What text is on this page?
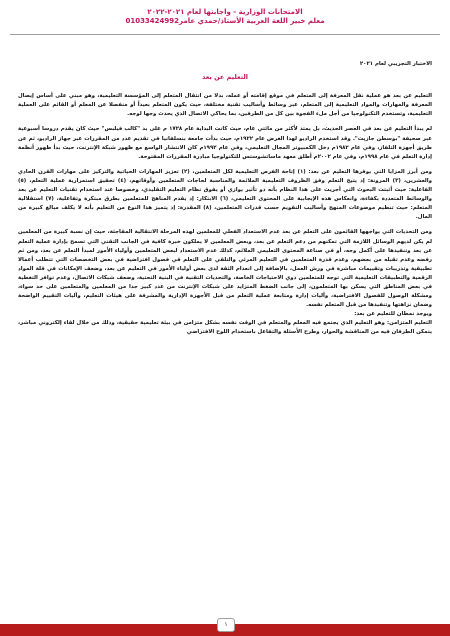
الامتحانات الوزارية - واجابتها لعام ٢٠٢١-٢٠٢٢
معلم خبير اللغة العربية الأستاذ/حمدي عامر01033424992
الاختبار التجريبي لعام ٢٠٢١
التعليم عن بعد

التعليم عن بعد هو عملية نقل المعرفة إلى المتعلم في موقع إقامته أو عمله، بدلا من انتقال المتعلم إلى المؤسسة التعليمية، وهو مبني على أساس إيصال المعرفة والمهارات والمواد التعليمية إلى المتعلم، عبر وسائط وأساليب تقنية مختلفة، حيث يكون المتعلم بعيداً أو منفصلا عن المعلم أو القائم على العملية التعليمية، وتستخدم التكنولوجيا من أجل ملء الفجوة بين كل من الطرفين، بما يحاكي الاتصال الذي يحدث وجها لوجه.

لم يبدأ التعليم عن بعد في العصر الحديث، بل يمتد لأكثر من مائتي عام، حيث كانت البداية عام ١٧٢٨ م على يد "كالب فيلبس" حيث كان يقدم دروسا أسبوعية عبر صحيفة "بوسطن جازيت". وقد استخدم الراديو لهذا الغرض عام ١٩٢٢م، حيث بدأت جامعة بنسلفانيا في تقديم عدد من المقررات عبر جهاز الراديو، ثم عن طريق أجهزة التلفاز، وفي عام ١٩٨٢م دخل الكمبيوتر المجال التعليمي، وفي عام ١٩٩٢م كان الانتشار الواسع مع ظهور شبكة الإنترنت، حيث بدأ ظهور أنظمة إدارة التعلم في عام ١٩٩٨م، وفي عام ٢٠٠٢م أطلق معهد ماساتشوستس للتكنولوجيا مبادرة المقررات المفتوحة.

ومن أبرز المزايا التي يوفرها التعليم عن بعد: (١) إتاحة الفرص التعليمية لكل المتعلمين، (٢) تعزيز المهارات الحياتية والتركيز على مهارات القرن الحادي والعشرين، (٣) المرونة: إذ يتيح التعلم وفق الظروف التعليمية الملائمة والمناسبة لحاجات المتعلمين وأوقاتهم، (٤) تحقيق استمرارية عملية التعلم، (٥) الفاعلية: حيث أثبتت البحوث التي أجريت على هذا النظام بأنه ذو تأثير يوازي أو يفوق نظام التعليم التقليدي، وخصوصا عند استخدام تقنيات التعليم عن بعد والوسائط المتعددة بكفاءة، وانعكاس هذه الإيجابية على المحتوى التعليمي، (٦) الابتكار: إذ يقدم المناهج للمتعلمين بطرق مبتكرة وتفاعلية، (٧) استقلالية المتعلم: حيث تنظيم موضوعات المنهج وأساليب التقويم حسب قدرات المتعلمين، (٨) المقدرة: إذ يتميز هذا النوع من التعليم بأنه لا يكلف مبالغ كبيرة من المال.

ومن التحديات التي يواجهها القائمون على التعلم عن بعد عدم الاستعداد الفعلي للمعلمين لهذه المرحلة الانتقالية المفاجئة، حيث إن نسبة كبيرة من المعلمين لم يكن لديهم الوسائل اللازمة التي تمكنهم من دعم التعلم عن بعد، وبعض المعلمين لا يملكون خبرة كافية في الجانب التقني التي تسمح بإدارة عملية التعلم عن بعد وتنفيذها على أكمل وجه، أو في صناعة المحتوى التعليمي الملائم، كذلك عدم الاستعداد لبعض المتعلمين وأولياء الأمور لمبدأ التعلم عن بعد، ومن ثم رفضه وعدم تقبله من بعضهم، وعدم قدرة المتعلمين في التعليم المرئي والتلقي على التعلم في فصول افتراضية في بعض التخصصات التي تتطلب أعمالا تطبيقية وتدريبات وتقييمات مباشرة في ورش العمل، بالإضافة إلى انعدام الثقة لدى بعض أولياء الأمور في التعليم عن بعد، وضعف الإمكانات في قلة المواد الرقمية والتطبيقات التعليمية التي توجه للمتعلمين ذوي الاحتياجات الخاصة، والتحديات التقنية في البنية التحتية، وضعف شبكات الاتصال، وعدم توافر التغطية في بعض المناطق التي يسكن بها المتعلمون، إلى جانب الضغط المتزايد على شبكات الإنترنت من عدد كبير جدا من المعلمين والمتعلمين على حد سواء، ومشكلة الوصول للفصول الافتراضية، وآليات إدارة ومتابعة عملية التعلم من قبل الأجهزة الإدارية والمشرفة على هيئات التعليم، وآليات التقييم الواضحة وضمان نزاهتها وتنفيذها من قبل المتعلم نفسه.

ويوجد نمطان للتعليم عن بعد:

التعليم المتزامن: وهو التعليم الذي يجتمع فيه المعلم والمتعلم في الوقت نفسه بشكل متزامن في بيئة تعليمية حقيقية، وذلك من خلال لقاء إلكتروني مباشر، يتمكن الطرفان فيه من المناقشة والحوار، وطرح الأسئلة والتفاعل باستخدام اللوح الافتراضي

١
